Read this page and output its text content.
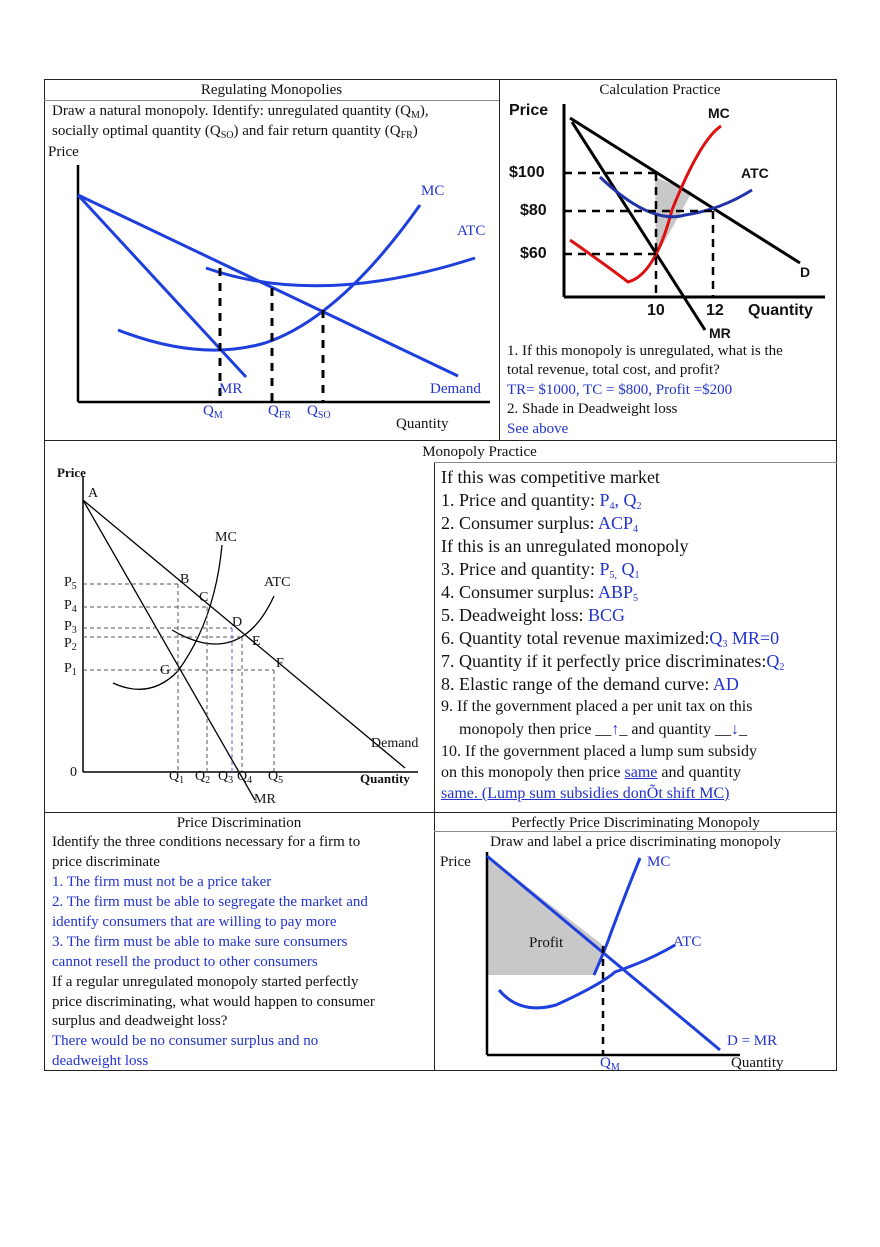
Regulating Monopolies
Draw a natural monopoly. Identify: unregulated quantity $(Q_M)$,
socially optimal quantity $(Q_{SO})$ and fair return quantity $(Q_{FR})$
Price
MC
ATC
MR	Demand
$Q_M$	$Q_{FR}$ $Q_{SO}$
Quantity
Calculation Practice
Price	MC
ATC
D
$100
$80
$60
10	12 Quantity
MR
1. If this monopoly is unregulated, what is the
total revenue, total cost, and profit?
TR= $1000, TC = $800, Profit =$200
2. Shade in Deadweight loss
See above
Monopoly Practice
Price
A
B
C
D
E
F
G
MC
ATC
Demand
MR
0	Quantity
$P_5$
$P_4$
$P_3$
$P_2$
$P_1$
$Q_1$ $Q_2$ $Q_3$ $Q_4$ $Q_5$
If this was competitive market
1. Price and quantity: $P_4$, $Q_2$
2. Consumer surplus: $ACP_4$
If this is an unregulated monopoly
3. Price and quantity: $P_{5,}$ $Q_1$
4. Consumer surplus: $ABP_5$
5. Deadweight loss: BCG
6. Quantity total revenue $maximized:Q_3$ MR=0
7. Quantity if it perfectly price $discriminates:Q_2$
8. Elastic range of the demand curve: AD
9. If the government placed a per unit tax on this
monopoly then price __↑_ and quantity __↓_
10. If the government placed a lump sum subsidy
on this monopoly then price same and quantity
same. (Lump sum subsidies donÕt shift MC)
Price Discrimination
Identify the three conditions necessary for a firm to
price discriminate
1. The firm must not be a price taker
2. The firm must be able to segregate the market and
identify consumers that are willing to pay more
3. The firm must be able to make sure consumers
cannot resell the product to other consumers
If a regular unregulated monopoly started perfectly
price discriminating, what would happen to consumer
surplus and deadweight loss?
There would be no consumer surplus and no
deadweight loss
Perfectly Price Discriminating Monopoly
Draw and label a price discriminating monopoly
Price	MC
Profit	ATC
D = MR
$Q_M$	Quantity
